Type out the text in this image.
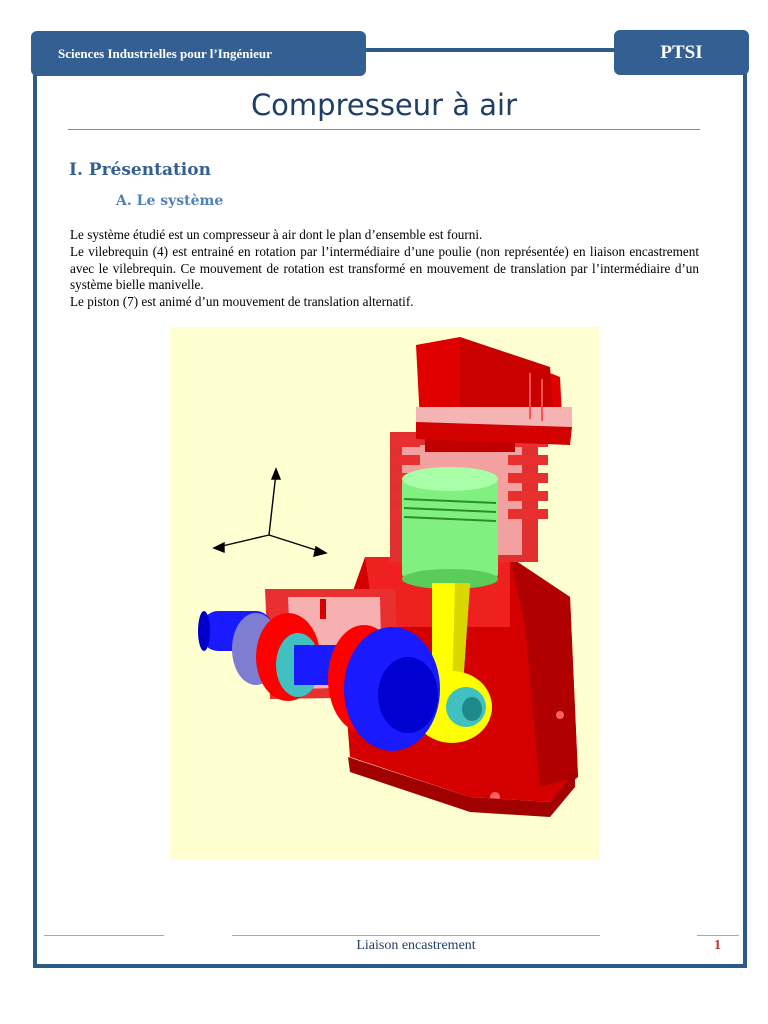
Sciences Industrielles pour l’Ingénieur	PTSI
Compresseur à air
I. Présentation
A. Le système

Le système étudié est un compresseur à air dont le plan d’ensemble est fourni.

Le vilebrequin (4) est entrainé en rotation par l’intermédiaire d’une poulie (non représentée) en liaison encastrement avec le vilebrequin. Ce mouvement de rotation est transformé en mouvement de translation par l’intermédiaire d’un système bielle manivelle.

Le piston (7) est animé d’un mouvement de translation alternatif.

Liaison encastrement	1
